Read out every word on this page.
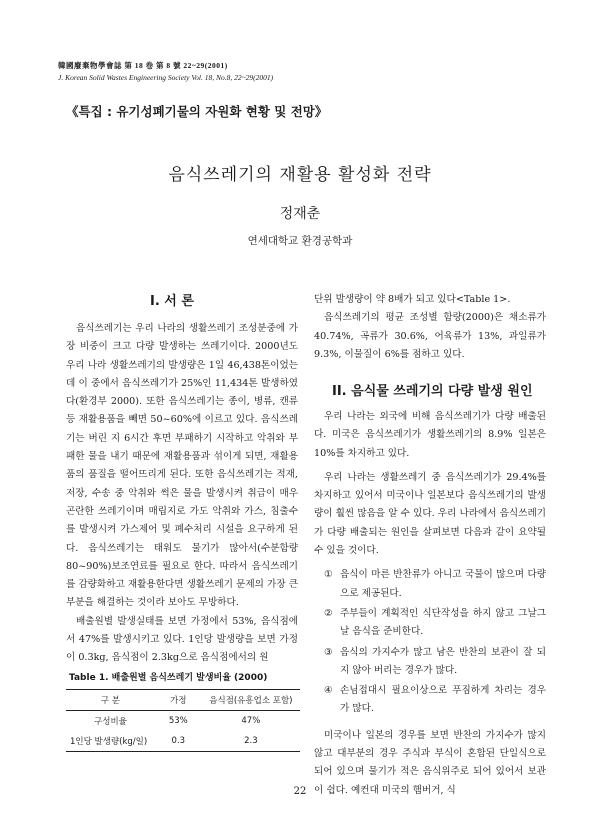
韓國廢棄物學會誌 第 18 卷 第 8 號 22~29(2001)
J. Korean Solid Wastes Engineering Society Vol. 18, No.8, 22~29(2001)
《특집 : 유기성폐기물의 자원화 현황 및 전망》
음식쓰레기의 재활용 활성화 전략
정재춘
연세대학교 환경공학과
I. 서 론

음식쓰레기는 우리 나라의 생활쓰레기 조성분중에 가장 비중이 크고 다량 발생하는 쓰레기이다. 2000년도 우리 나라 생활쓰레기의 발생량은 1일 46,438톤이었는데 이 중에서 음식쓰레기가 25%인 11,434톤 발생하였다(환경부 2000). 또한 음식쓰레기는 종이, 병류, 캔류 등 재활용품을 빼면 50~60%에 이르고 있다. 음식쓰레기는 버린 지 6시간 후면 부패하기 시작하고 악취와 부패한 물을 내기 때문에 재활용품과 섞이게 되면, 재활용품의 품질을 떨어뜨리게 된다. 또한 음식쓰레기는 적재, 저장, 수송 중 악취와 썩은 물을 발생시켜 취급이 매우 곤란한 쓰레기이며 매립지로 가도 악취와 가스, 침출수를 발생시켜 가스제어 및 폐수처리 시설을 요구하게 된다. 음식쓰레기는 태워도 물기가 많아서(수분함량 80~90%)보조연료를 필요로 한다. 따라서 음식쓰레기를 감량화하고 재활용한다면 생활쓰레기 문제의 가장 큰 부분을 해결하는 것이라 보아도 무방하다.

배출원별 발생실태를 보면 가정에서 53%, 음식점에서 47%를 발생시키고 있다. 1인당 발생량을 보면 가정이 0.3kg, 음식점이 2.3kg으로 음식점에서의 원

Table 1. 배출원별 음식쓰레기 발생비율 (2000)
구 분	가정	음식점(유흥업소 포함)
구성비율	53%	47%
1인당 발생량(kg/일)	0.3	2.3

단위 발생량이 약 8배가 되고 있다<Table 1>.

음식쓰레기의 평균 조성별 함량(2000)은 채소류가 40.74%, 곡류가 30.6%, 어육류가 13%, 과일류가 9.3%, 이물질이 6%를 점하고 있다.

II. 음식물 쓰레기의 다량 발생 원인

우리 나라는 외국에 비해 음식쓰레기가 다량 배출된다. 미국은 음식쓰레기가 생활쓰레기의 8.9% 일본은 10%를 차지하고 있다.

우리 나라는 생활쓰레기 중 음식쓰레기가 29.4%를 차지하고 있어서 미국이나 일본보다 음식쓰레기의 발생량이 훨씬 많음을 알 수 있다. 우리 나라에서 음식쓰레기가 다량 배출되는 원인을 살펴보면 다음과 같이 요약될 수 있을 것이다.

① 음식이 마른 반찬류가 아니고 국물이 많으며 다량으로 제공된다.
② 주부들이 계획적인 식단작성을 하지 않고 그날그날 음식을 준비한다.
③ 음식의 가지수가 많고 남은 반찬의 보관이 잘 되지 않아 버리는 경우가 많다.
④ 손님접대시 필요이상으로 푸짐하게 차리는 경우가 많다.

미국이나 일본의 경우를 보면 반찬의 가지수가 많지 않고 대부분의 경우 주식과 부식이 혼합된 단일식으로 되어 있으며 물기가 적은 음식위주로 되어 있어서 보관이 쉽다. 예컨대 미국의 햄버거, 식

22
